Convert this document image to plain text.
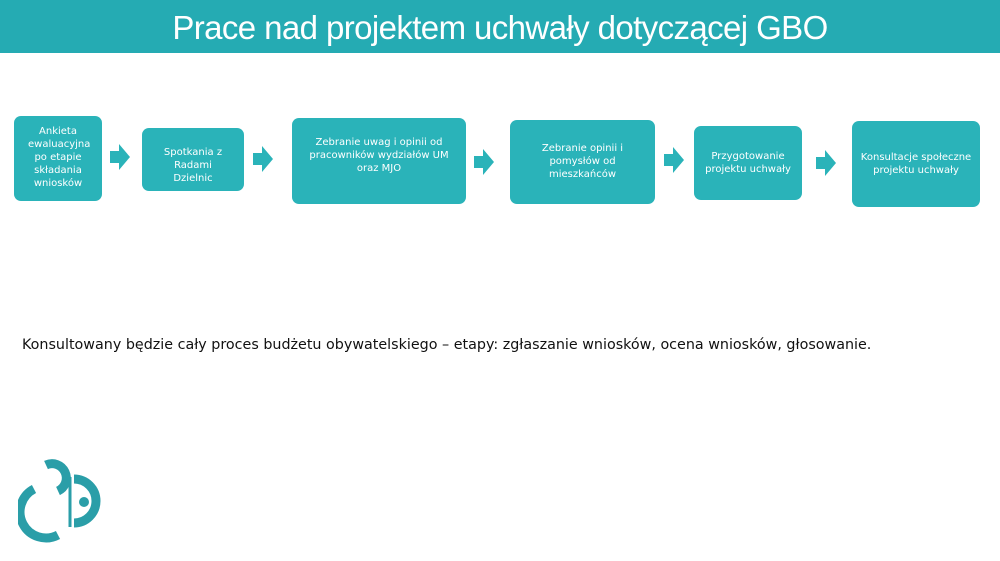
Prace nad projektem uchwały dotyczącej GBO
Ankieta ewaluacyjna po etapie składania wniosków
Spotkania z Radami Dzielnic
Zebranie uwag i opinii od pracowników wydziałów UM oraz MJO
Zebranie opinii i pomysłów od mieszkańców
Przygotowanie projektu uchwały
Konsultacje społeczne projektu uchwały
Konsultowany będzie cały proces budżetu obywatelskiego – etapy: zgłaszanie wniosków, ocena wniosków, głosowanie.
